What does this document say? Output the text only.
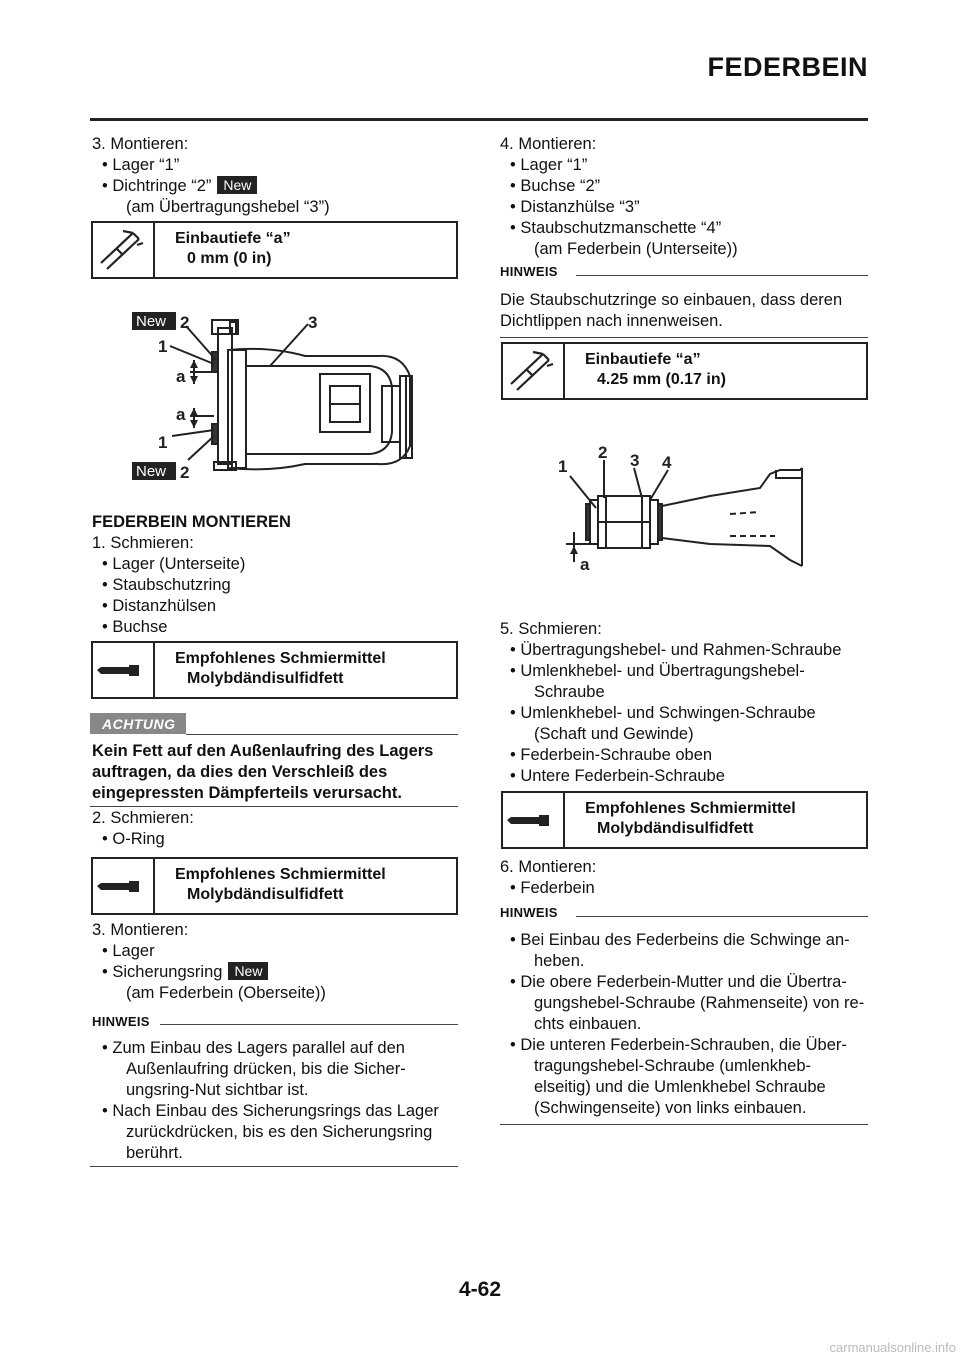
FEDERBEIN

3. Montieren:

• Lager “1”

• Dichtringe “2” New

(am Übertragungshebel “3”)

Einbautiefe “a”
0 mm (0 in)
New 2	3
1
a
a
1
New 2

FEDERBEIN MONTIEREN

1. Schmieren:

• Lager (Unterseite)

• Staubschutzring

• Distanzhülsen

• Buchse

Empfohlenes Schmiermittel
Molybdändisulfidfett
ACHTUNG

Kein Fett auf den Außenlaufring des Lagers

auftragen, da dies den Verschleiß des

eingepressten Dämpferteils verursacht.

2. Schmieren:

• O-Ring

Empfohlenes Schmiermittel
Molybdändisulfidfett

3. Montieren:

• Lager

• Sicherungsring New

(am Federbein (Oberseite))

HINWEIS

• Zum Einbau des Lagers parallel auf den

Außenlaufring drücken, bis die Sicher-

ungsring-Nut sichtbar ist.

• Nach Einbau des Sicherungsrings das Lager

zurückdrücken, bis es den Sicherungsring

berührt.

4. Montieren:

• Lager “1”

• Buchse “2”

• Distanzhülse “3”

• Staubschutzmanschette “4”

(am Federbein (Unterseite))

HINWEIS

Die Staubschutzringe so einbauen, dass deren

Dichtlippen nach innenweisen.

Einbautiefe “a”
4.25 mm (0.17 in)
1
2 3 4
a

5. Schmieren:

• Übertragungshebel- und Rahmen-Schraube

• Umlenkhebel- und Übertragungshebel-

Schraube

• Umlenkhebel- und Schwingen-Schraube

(Schaft und Gewinde)

• Federbein-Schraube oben

• Untere Federbein-Schraube

Empfohlenes Schmiermittel
Molybdändisulfidfett

6. Montieren:

• Federbein

HINWEIS

• Bei Einbau des Federbeins die Schwinge an-

heben.

• Die obere Federbein-Mutter und die Übertra-

gungshebel-Schraube (Rahmenseite) von re-

chts einbauen.

• Die unteren Federbein-Schrauben, die Über-

tragungshebel-Schraube (umlenkheb-

elseitig) und die Umlenkhebel Schraube

(Schwingenseite) von links einbauen.

4-62
carmanualsonline.info
